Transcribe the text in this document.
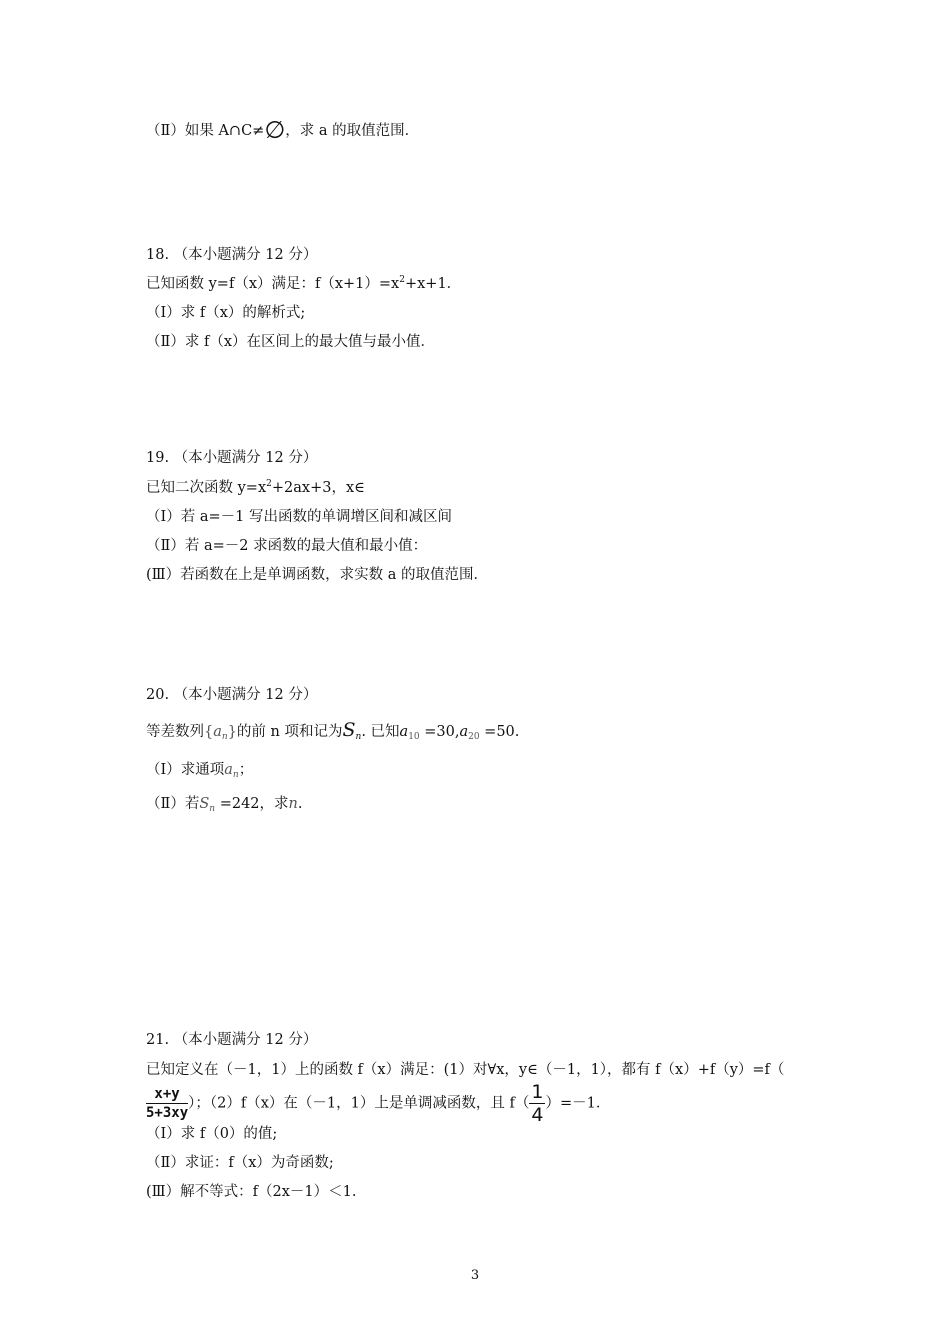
（Ⅱ）如果 A∩C≠∅，求 a 的取值范围．
18. （本小题满分 12 分）
已知函数 y=f（x）满足：$f(x+1)=x^2+x+1$．
（Ⅰ）求 f（x）的解析式;
（Ⅱ）求 f（x）在区间上的最大值与最小值．
19. （本小题满分 12 分）
已知二次函数 $y=x^2+2ax+3$，x∈
（Ⅰ）若 a=－1 写出函数的单调增区间和减区间
（Ⅱ）若 a=－2 求函数的最大值和最小值：
(Ⅲ）若函数在上是单调函数，求实数 a 的取值范围．
20. （本小题满分 12 分）
等差数列$\{a_n\}$的前 n 项和记为$S_n$. 已知$a_{10} =30,a_{20} =50$.
（Ⅰ）求通项$a_n$；
（Ⅱ）若$S_n =242$，求n.
21. （本小题满分 12 分）
已知定义在（－1，1）上的函数 f（x）满足：(1）对∀x，y∈（－1，1），都有 f（x）+f（y）=f（
$\frac{x+y}{5+3xy}$ ）；（2）f（x）在（－1，1）上是单调减函数，且 $f( \frac{1}{4} )=-1$．
（Ⅰ）求 f（0）的值;
（Ⅱ）求证：f（x）为奇函数;
(Ⅲ）解不等式：f（2x－1）＜1.
3
